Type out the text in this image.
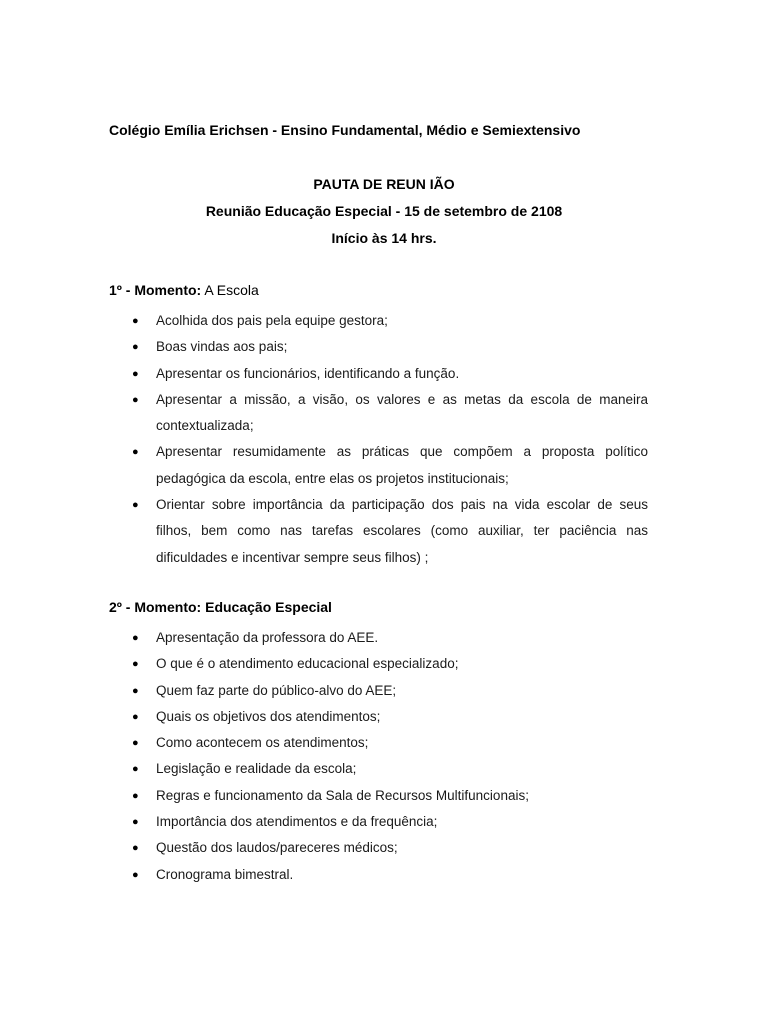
Colégio Emília Erichsen - Ensino Fundamental, Médio e Semiextensivo
PAUTA DE REUN IÃO
Reunião Educação Especial - 15 de setembro de 2108
Início às 14 hrs.
1º - Momento: A Escola
● Acolhida dos pais pela equipe gestora;
● Boas vindas aos pais;
● Apresentar os funcionários, identificando a função.
● Apresentar a missão, a visão, os valores e as metas da escola de maneira contextualizada;
● Apresentar resumidamente as práticas que compõem a proposta político pedagógica da escola, entre elas os projetos institucionais;
● Orientar sobre importância da participação dos pais na vida escolar de seus filhos, bem como nas tarefas escolares (como auxiliar, ter paciência nas dificuldades e incentivar sempre seus filhos) ;
2º - Momento: Educação Especial
● Apresentação da professora do AEE.
● O que é o atendimento educacional especializado;
● Quem faz parte do público-alvo do AEE;
● Quais os objetivos dos atendimentos;
● Como acontecem os atendimentos;
● Legislação e realidade da escola;
● Regras e funcionamento da Sala de Recursos Multifuncionais;
● Importância dos atendimentos e da frequência;
● Questão dos laudos/pareceres médicos;
● Cronograma bimestral.
